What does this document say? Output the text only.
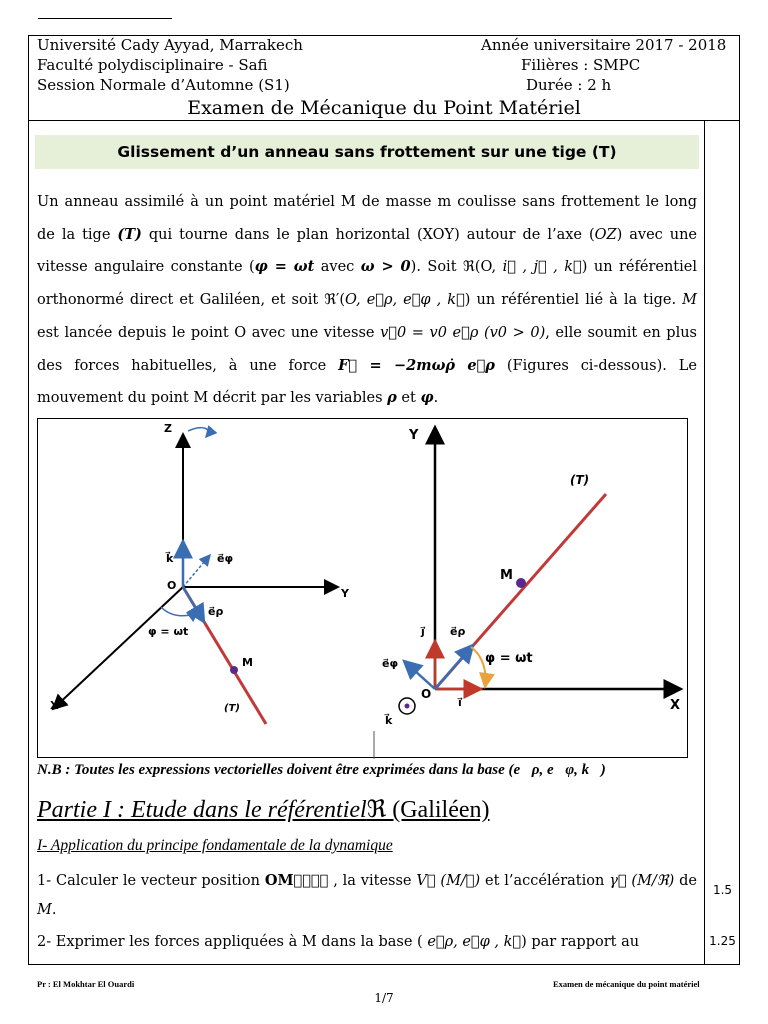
Université Cady Ayyad, Marrakech
Faculté polydisciplinaire - Safi
Session Normale d’Automne (S1)
Année universitaire 2017 - 2018
Filières : SMPC
Durée : 2 h
Examen de Mécanique du Point Matériel
Glissement d’un anneau sans frottement sur une tige (T)

Un anneau assimilé à un point matériel M de masse m coulisse sans frottement le long de la tige (T) qui tourne dans le plan horizontal (XOY) autour de l’axe (OZ) avec une vitesse angulaire constante (φ = ωt avec ω > 0). Soit ℜ(O, i⃗ , j⃗ , k⃗) un référentiel orthonormé direct et Galiléen, et soit ℜ′(O, e⃗ρ, e⃗φ , k⃗) un référentiel lié à la tige. M est lancée depuis le point O avec une vitesse v⃗0 = v0 e⃗ρ (v0 > 0), elle soumit en plus des forces habituelles, à une force F⃗ = −2mωρ̇ e⃗ρ (Figures ci-dessous). Le mouvement du point M décrit par les variables ρ et φ.

Z
Y
X
O
k⃗	e⃗φ
e⃗ρ
φ = ωt
M
(T)
Y
X
O
i⃗
j⃗
k⃗
e⃗ρ
e⃗φ	φ = ωt
M
(T)
N.B : Toutes les expressions vectorielles doivent être exprimées dans la base (e⃗ρ, e⃗φ, k⃗)
Partie I : Etude dans le référentielℜ (Galiléen)
I- Application du principe fondamentale de la dynamique

1- Calculer le vecteur position OM⃗⃗⃗⃗ , la vitesse V⃗ (M/ℜ) et l’accélération γ⃗ (M/ℜ) de M.

1.5

2- Exprimer les forces appliquées à M dans la base ( e⃗ρ, e⃗φ , k⃗) par rapport au	1.25
Pr : El Mokhtar El Ouardi	Examen de mécanique du point matériel
1/7
